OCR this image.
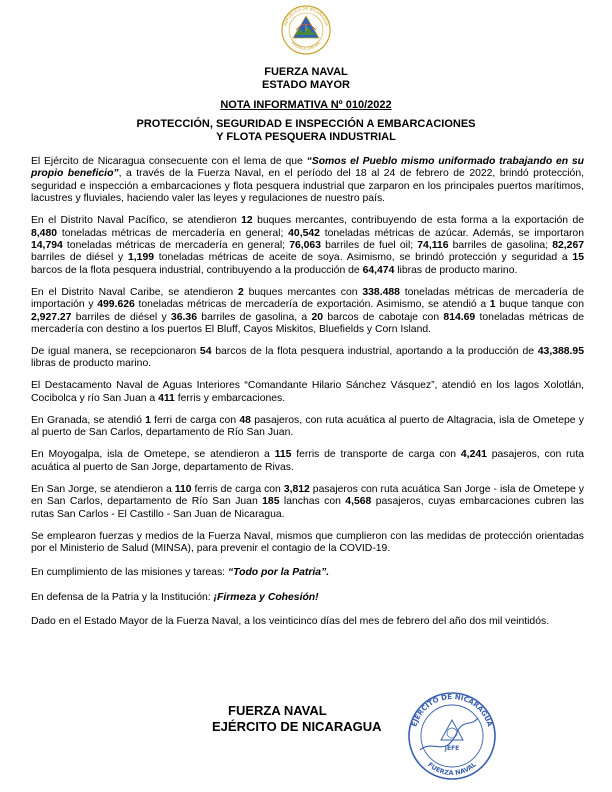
REPÚBLICA DE NICARAGUA
AMÉRICA CENTRAL
FUERZA NAVAL
ESTADO MAYOR
NOTA INFORMATIVA Nº 010/2022
PROTECCIÓN, SEGURIDAD E INSPECCIÓN A EMBARCACIONES
Y FLOTA PESQUERA INDUSTRIAL

El Ejército de Nicaragua consecuente con el lema de que “Somos el Pueblo mismo uniformado trabajando en su propio beneficio”, a través de la Fuerza Naval, en el período del 18 al 24 de febrero de 2022, brindó protección, seguridad e inspección a embarcaciones y flota pesquera industrial que zarparon en los principales puertos marítimos, lacustres y fluviales, haciendo valer las leyes y regulaciones de nuestro país.

En el Distrito Naval Pacífico, se atendieron 12 buques mercantes, contribuyendo de esta forma a la exportación de 8,480 toneladas métricas de mercadería en general; 40,542 toneladas métricas de azúcar. Además, se importaron 14,794 toneladas métricas de mercadería en general; 76,063 barriles de fuel oil; 74,116 barriles de gasolina; 82,267 barriles de diésel y 1,199 toneladas métricas de aceite de soya. Asimismo, se brindó protección y seguridad a 15 barcos de la flota pesquera industrial, contribuyendo a la producción de 64,474 libras de producto marino.

En el Distrito Naval Caribe, se atendieron 2 buques mercantes con 338.488 toneladas métricas de mercadería de importación y 499.626 toneladas métricas de mercadería de exportación. Asimismo, se atendió a 1 buque tanque con 2,927.27 barriles de diésel y 36.36 barriles de gasolina, a 20 barcos de cabotaje con 814.69 toneladas métricas de mercadería con destino a los puertos El Bluff, Cayos Miskitos, Bluefields y Corn Island.

De igual manera, se recepcionaron 54 barcos de la flota pesquera industrial, aportando a la producción de 43,388.95 libras de producto marino.

El Destacamento Naval de Aguas Interiores “Comandante Hilario Sánchez Vásquez”, atendió en los lagos Xolotlán, Cocibolca y río San Juan a 411 ferris y embarcaciones.

En Granada, se atendió 1 ferri de carga con 48 pasajeros, con ruta acuática al puerto de Altagracia, isla de Ometepe y al puerto de San Carlos, departamento de Río San Juan.

En Moyogalpa, isla de Ometepe, se atendieron a 115 ferris de transporte de carga con 4,241 pasajeros, con ruta acuática al puerto de San Jorge, departamento de Rivas.

En San Jorge, se atendieron a 110 ferris de carga con 3,812 pasajeros con ruta acuática San Jorge - isla de Ometepe y en San Carlos, departamento de Río San Juan 185 lanchas con 4,568 pasajeros, cuyas embarcaciones cubren las rutas San Carlos - El Castillo - San Juan de Nicaragua.

Se emplearon fuerzas y medios de la Fuerza Naval, mismos que cumplieron con las medidas de protección orientadas por el Ministerio de Salud (MINSA), para prevenir el contagio de la COVID-19.

En cumplimiento de las misiones y tareas: “Todo por la Patria”.

En defensa de la Patria y la Institución: ¡Firmeza y Cohesión!

Dado en el Estado Mayor de la Fuerza Naval, a los veinticinco días del mes de febrero del año dos mil veintidós.

FUERZA NAVAL
EJÉRCITO DE NICARAGUA	EJÉRCITO DE NICARAGUA
JEFE
FUERZA NAVAL
